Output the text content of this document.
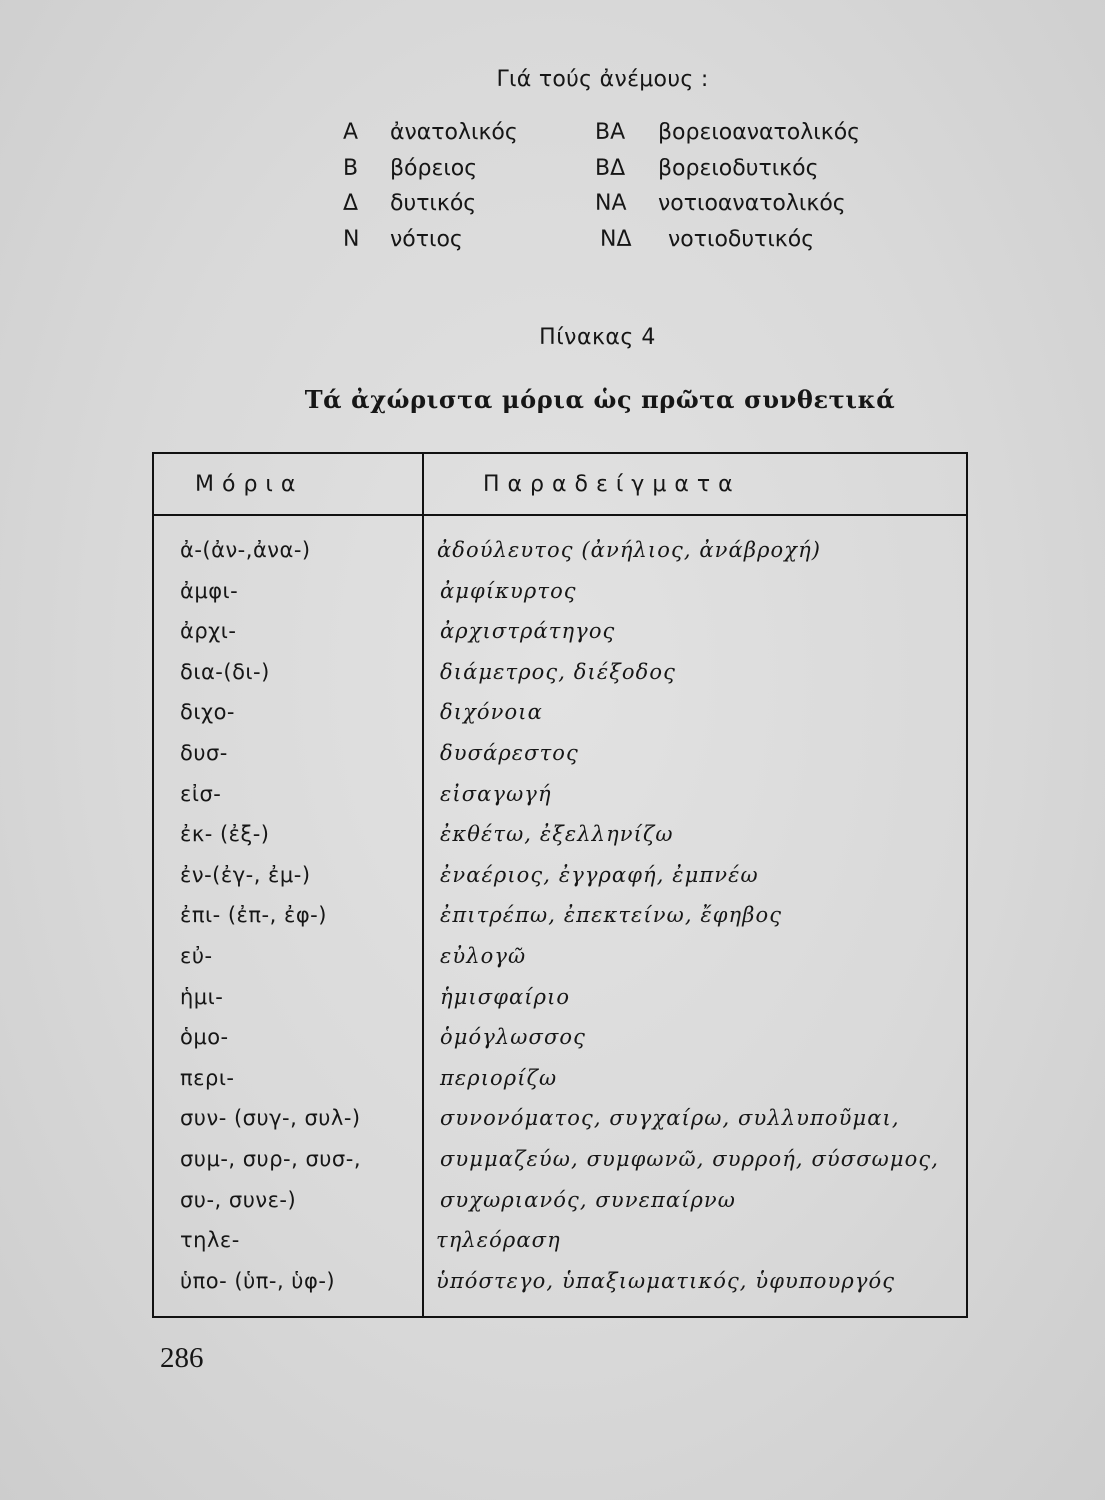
Γιά τούς ἀνέμους :
Α ἀνατολικός	ΒΑ βορειοανατολικός
Β βόρειος	ΒΔ βορειοδυτικός
Δ δυτικός	ΝΑ νοτιοανατολικός
Ν νότιος	ΝΔ νοτιοδυτικός
Πίνακας 4
Τά ἀχώριστα μόρια ὡς πρῶτα συνθετικά
Μόρια	Παραδείγματα
ἀ-(ἀν-,ἀνα-)	ἀδούλευτος (ἀνήλιος, ἀνάβροχή)
ἀμφι-	ἀμφίκυρτος
ἀρχι-	ἀρχιστράτηγος
δια-(δι-)	διάμετρος, διέξοδος
διχο-	διχόνοια
δυσ-	δυσάρεστος
εἰσ-	εἰσαγωγή
ἐκ- (ἐξ-)	ἐκθέτω, ἐξελληνίζω
ἐν-(ἐγ-, ἐμ-)	ἐναέριος, ἐγγραφή, ἐμπνέω
ἐπι- (ἐπ-, ἐφ-)	ἐπιτρέπω, ἐπεκτείνω, ἔφηβος
εὐ-	εὐλογῶ
ἡμι-	ἡμισφαίριο
ὁμο-	ὁμόγλωσσος
περι-	περιορίζω
συν- (συγ-, συλ-)	συνονόματος, συγχαίρω, συλλυποῦμαι,
συμ-, συρ-, συσ-,	συμμαζεύω, συμφωνῶ, συρροή, σύσσωμος,
συ-, συνε-)	συχωριανός, συνεπαίρνω
τηλε-	τηλεόραση
ὑπο- (ὑπ-, ὑφ-)	ὑπόστεγο, ὑπαξιωματικός, ὑφυπουργός
286
